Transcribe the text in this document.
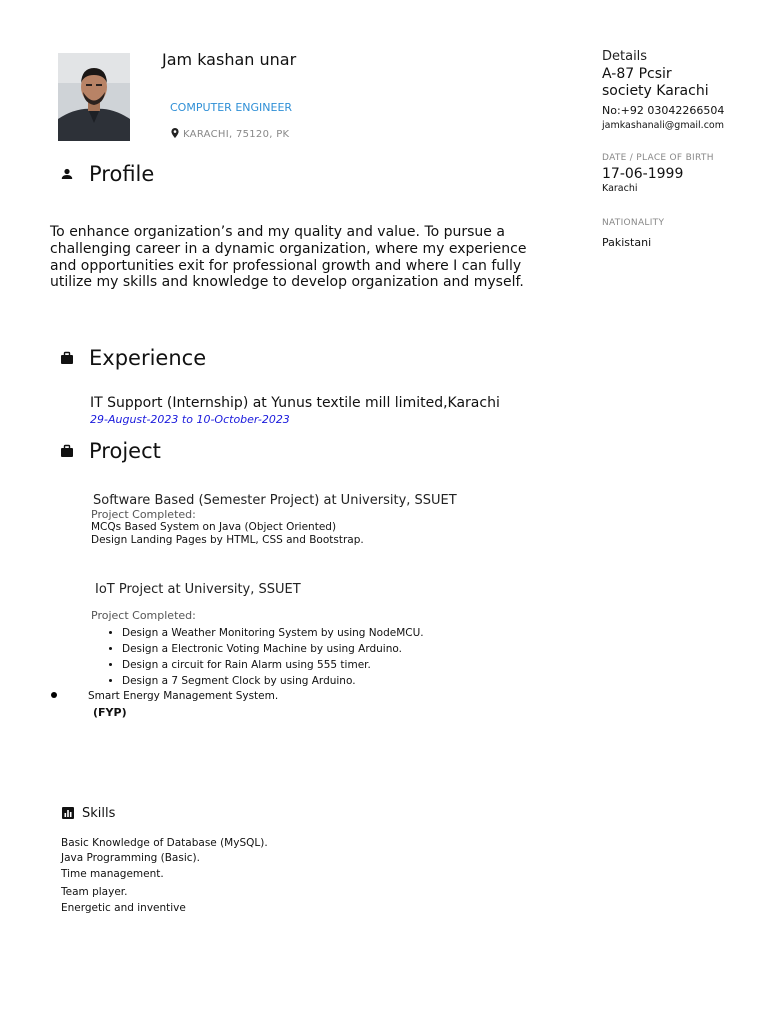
Jam kashan unar
COMPUTER ENGINEER
KARACHI, 75120, PK
Profile
To enhance organization’s and my quality and value. To pursue a challenging career in a dynamic organization, where my experience and opportunities exit for professional growth and where I can fully utilize my skills and knowledge to develop organization and myself.
Experience
IT Support (Internship) at Yunus textile mill limited,Karachi
29-August-2023 to 10-October-2023
Project
Software Based (Semester Project) at University, SSUET
Project Completed:
MCQs Based System on Java (Object Oriented)
Design Landing Pages by HTML, CSS and Bootstrap.
IoT Project at University, SSUET
Project Completed:
• Design a Weather Monitoring System by using NodeMCU.
• Design a Electronic Voting Machine by using Arduino.
• Design a circuit for Rain Alarm using 555 timer.
• Design a 7 Segment Clock by using Arduino.
Smart Energy Management System.
(FYP)
Skills
Basic Knowledge of Database (MySQL).
Java Programming (Basic).
Time management.
Team player.
Energetic and inventive
Details
A-87 Pcsir
society Karachi
No:+92 03042266504
jamkashanali@gmail.com
DATE / PLACE OF BIRTH
17-06-1999
Karachi
NATIONALITY
Pakistani
